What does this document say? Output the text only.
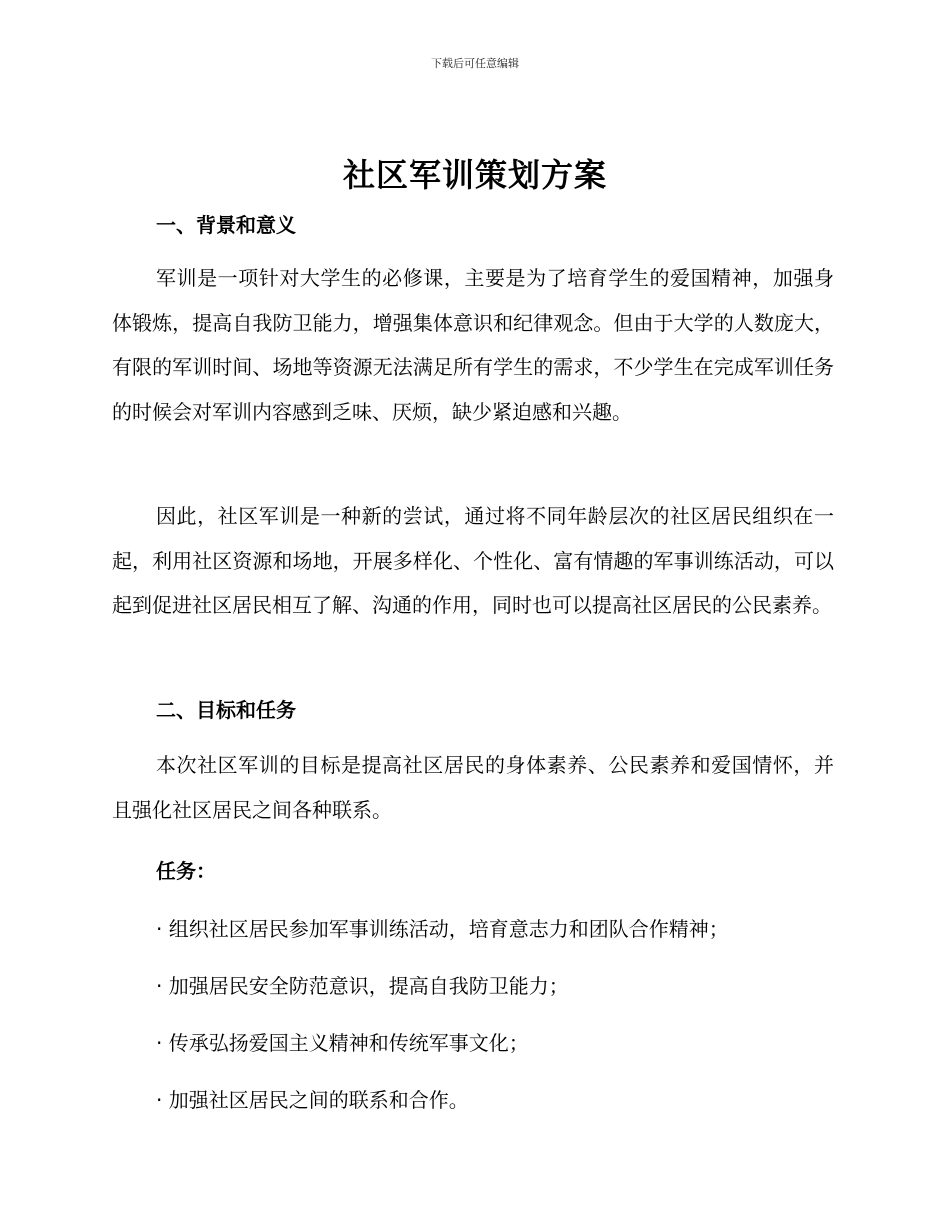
下载后可任意编辑
社区军训策划方案

一、背景和意义

军训是一项针对大学生的必修课，主要是为了培育学生的爱国精神，加强身体锻炼，提高自我防卫能力，增强集体意识和纪律观念。但由于大学的人数庞大，有限的军训时间、场地等资源无法满足所有学生的需求，不少学生在完成军训任务的时候会对军训内容感到乏味、厌烦，缺少紧迫感和兴趣。

因此，社区军训是一种新的尝试，通过将不同年龄层次的社区居民组织在一起，利用社区资源和场地，开展多样化、个性化、富有情趣的军事训练活动，可以起到促进社区居民相互了解、沟通的作用，同时也可以提高社区居民的公民素养。

二、目标和任务

本次社区军训的目标是提高社区居民的身体素养、公民素养和爱国情怀，并且强化社区居民之间各种联系。

任务：

· 组织社区居民参加军事训练活动，培育意志力和团队合作精神；

· 加强居民安全防范意识，提高自我防卫能力；

· 传承弘扬爱国主义精神和传统军事文化；

· 加强社区居民之间的联系和合作。
